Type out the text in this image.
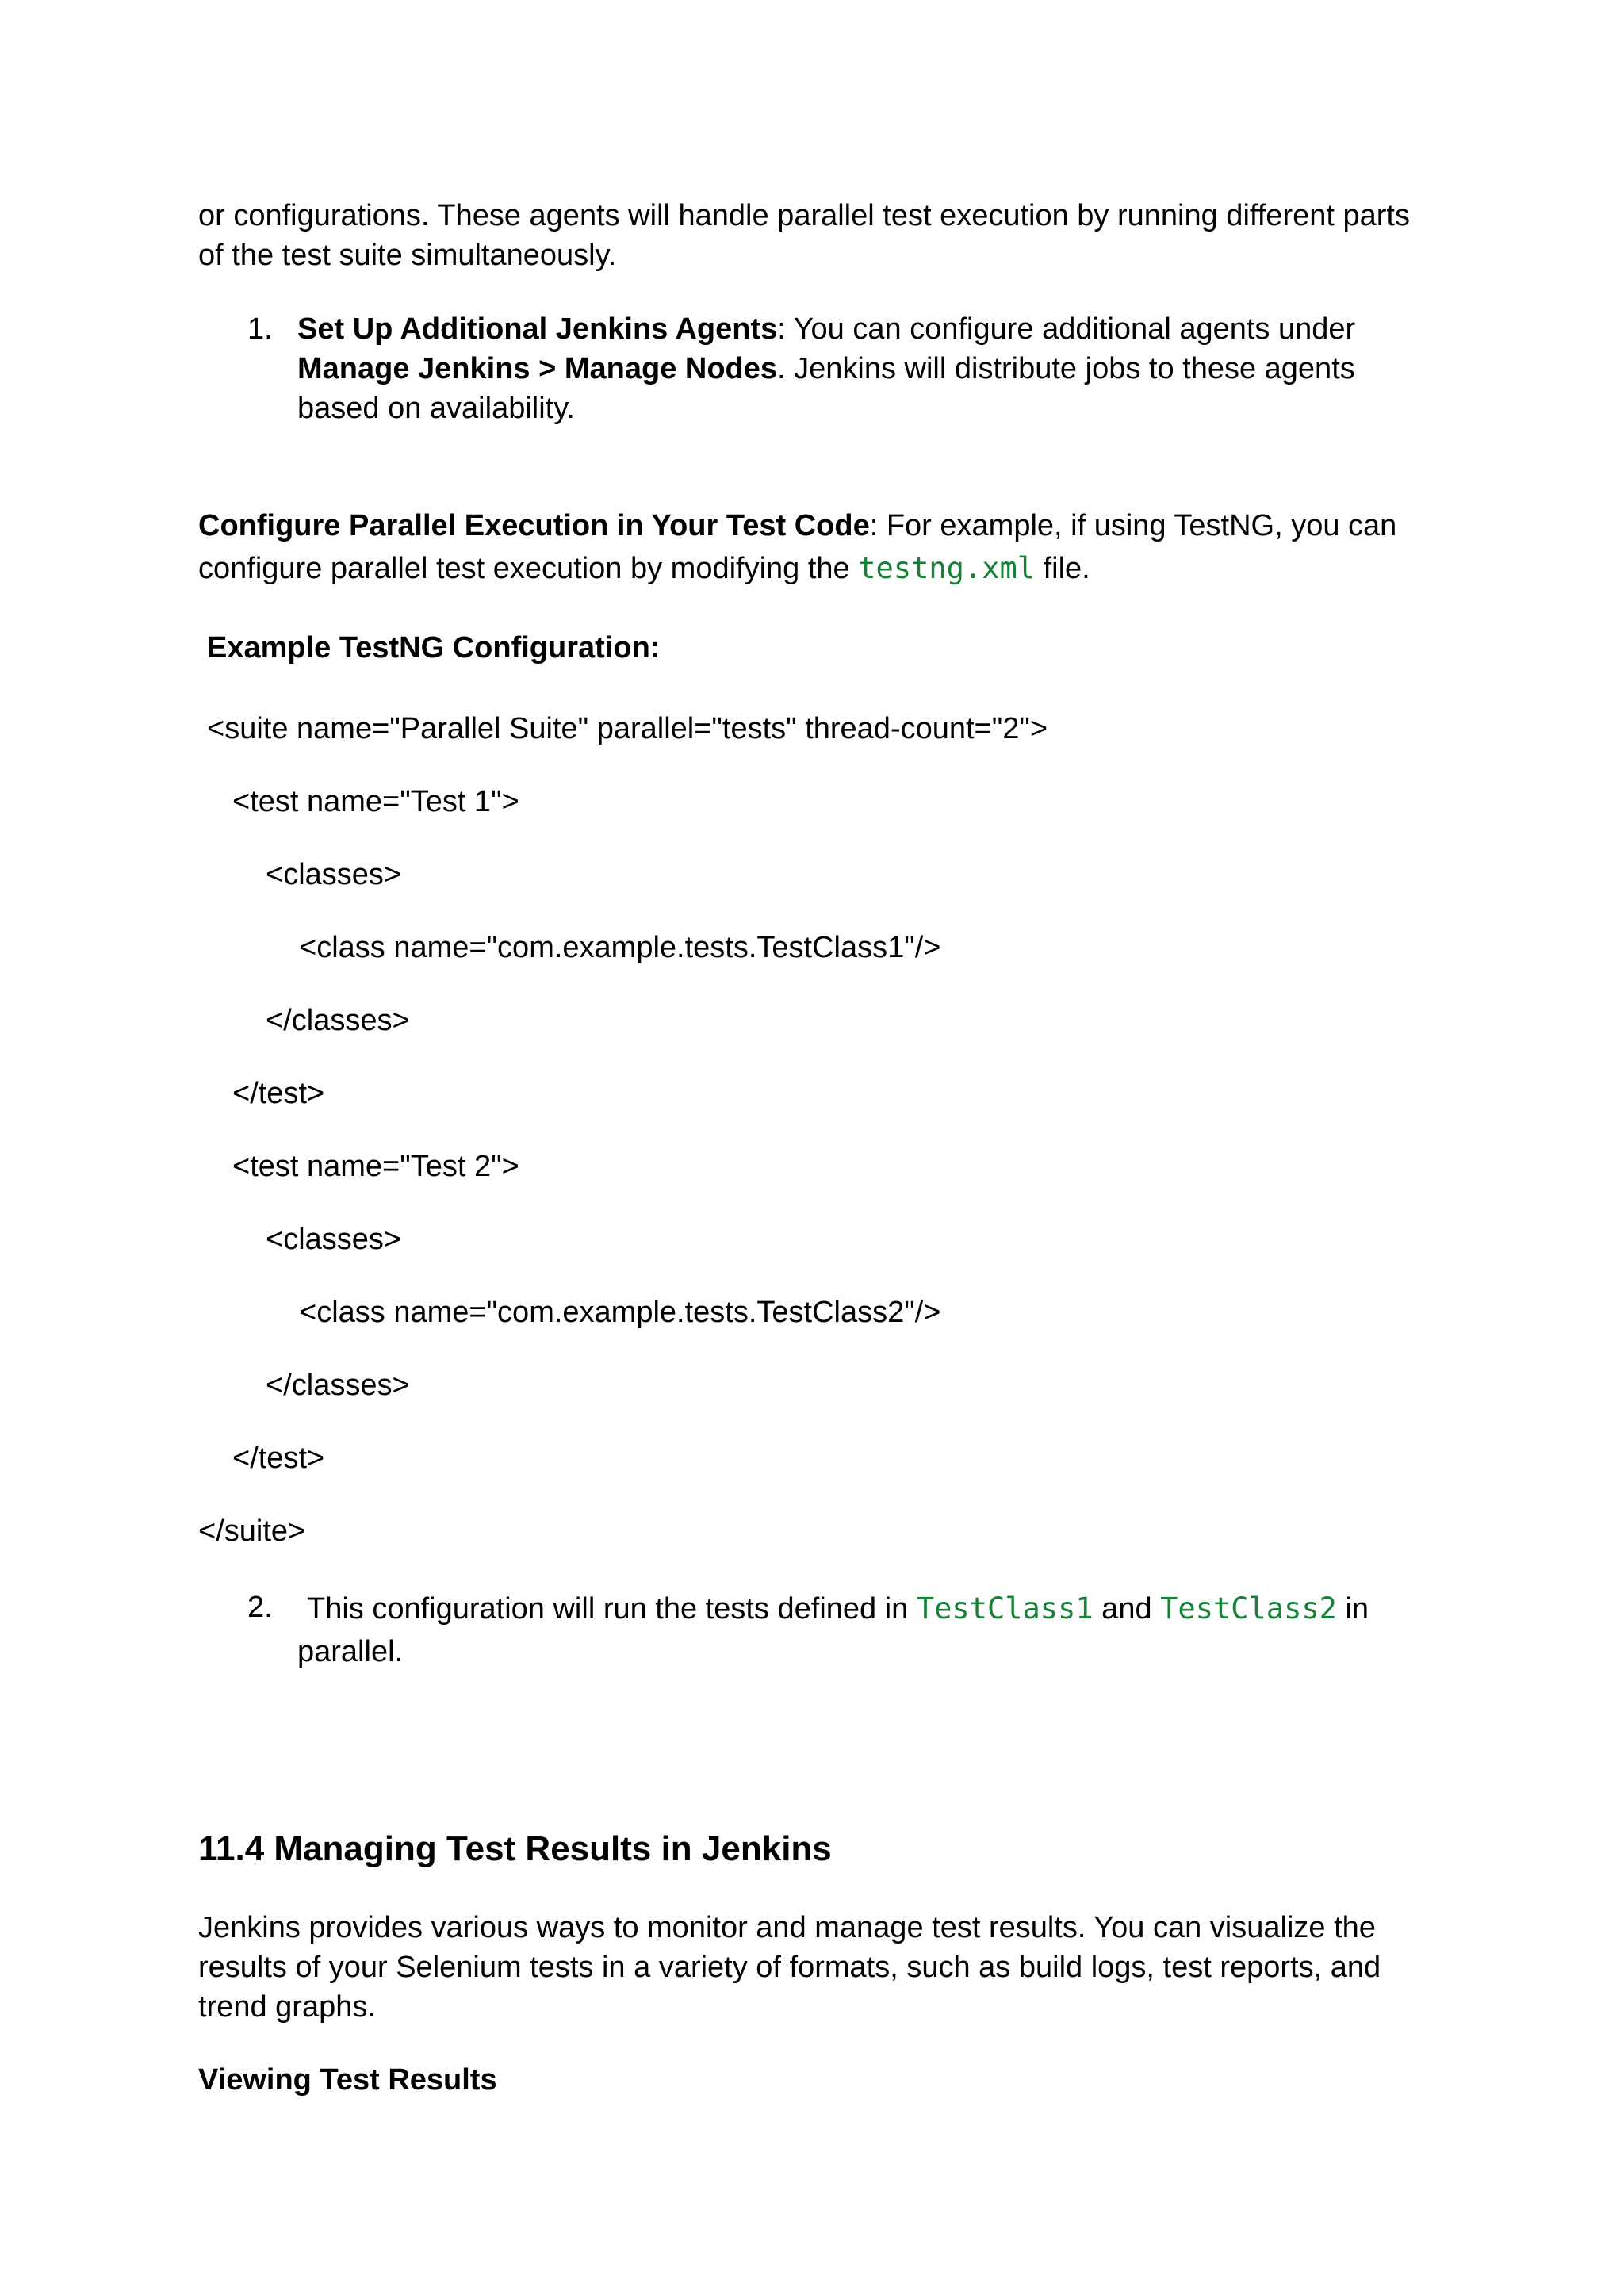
or configurations. These agents will handle parallel test execution by running different parts of the test suite simultaneously.
1. Set Up Additional Jenkins Agents: You can configure additional agents under Manage Jenkins > Manage Nodes. Jenkins will distribute jobs to these agents based on availability.
Configure Parallel Execution in Your Test Code: For example, if using TestNG, you can configure parallel test execution by modifying the testng.xml file.
Example TestNG Configuration:
<suite name="Parallel Suite" parallel="tests" thread-count="2">
<test name="Test 1">
<classes>
<class name="com.example.tests.TestClass1"/>
</classes>
</test>
<test name="Test 2">
<classes>
<class name="com.example.tests.TestClass2"/>
</classes>
</test>
</suite>
2.	This configuration will run the tests defined in TestClass1 and TestClass2 in parallel.
11.4 Managing Test Results in Jenkins
Jenkins provides various ways to monitor and manage test results. You can visualize the results of your Selenium tests in a variety of formats, such as build logs, test reports, and trend graphs.
Viewing Test Results
